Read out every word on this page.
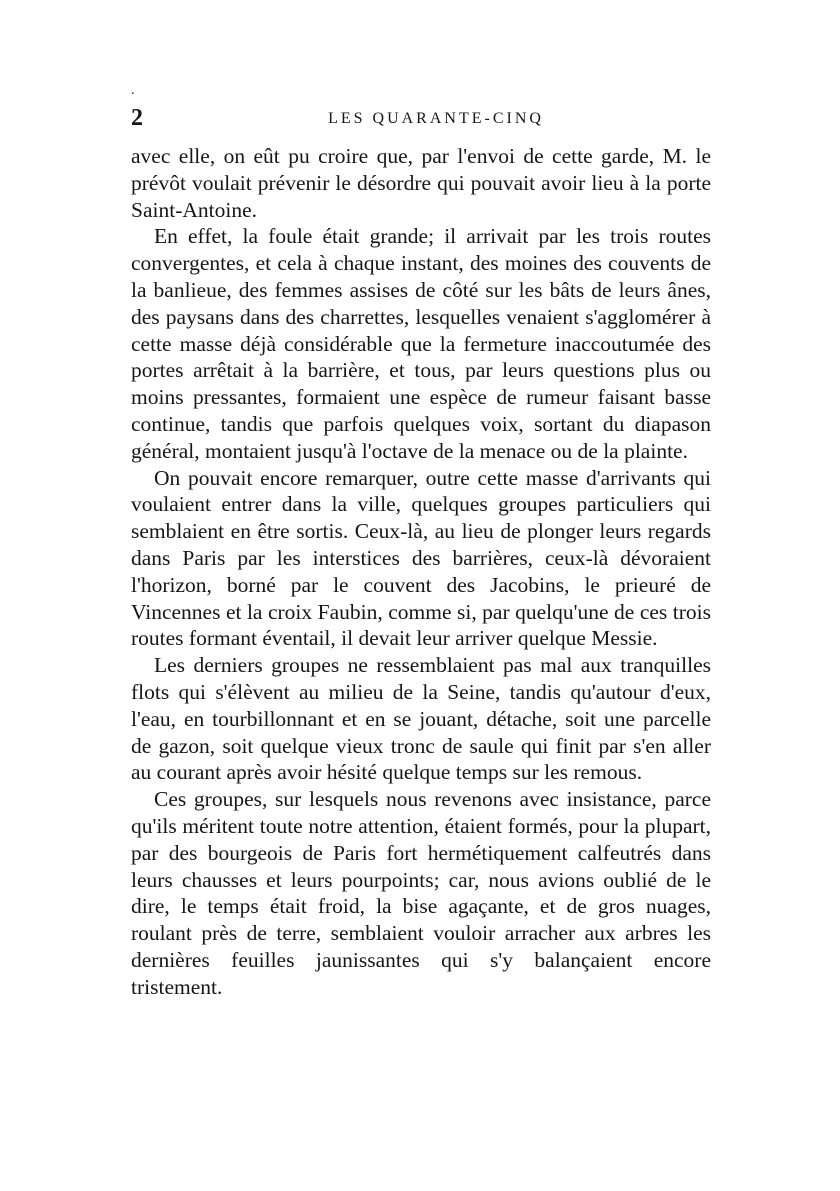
.
2	LES QUARANTE-CINQ

avec elle, on eût pu croire que, par l'envoi de cette garde, M. le prévôt voulait prévenir le désordre qui pouvait avoir lieu à la porte Saint-Antoine.

En effet, la foule était grande; il arrivait par les trois routes convergentes, et cela à chaque instant, des moines des couvents de la banlieue, des femmes assises de côté sur les bâts de leurs ânes, des paysans dans des charrettes, lesquelles venaient s'agglomérer à cette masse déjà considérable que la fermeture inaccoutumée des portes arrêtait à la barrière, et tous, par leurs questions plus ou moins pressantes, formaient une espèce de rumeur faisant basse continue, tandis que parfois quelques voix, sortant du diapason général, montaient jusqu'à l'octave de la menace ou de la plainte.

On pouvait encore remarquer, outre cette masse d'arrivants qui voulaient entrer dans la ville, quelques groupes particuliers qui semblaient en être sortis. Ceux-là, au lieu de plonger leurs regards dans Paris par les interstices des barrières, ceux-là dévoraient l'horizon, borné par le couvent des Jacobins, le prieuré de Vincennes et la croix Faubin, comme si, par quelqu'une de ces trois routes formant éventail, il devait leur arriver quelque Messie.

Les derniers groupes ne ressemblaient pas mal aux tranquilles flots qui s'élèvent au milieu de la Seine, tandis qu'autour d'eux, l'eau, en tourbillonnant et en se jouant, détache, soit une parcelle de gazon, soit quelque vieux tronc de saule qui finit par s'en aller au courant après avoir hésité quelque temps sur les remous.

Ces groupes, sur lesquels nous revenons avec insistance, parce qu'ils méritent toute notre attention, étaient formés, pour la plupart, par des bourgeois de Paris fort hermétiquement calfeutrés dans leurs chausses et leurs pourpoints; car, nous avions oublié de le dire, le temps était froid, la bise agaçante, et de gros nuages, roulant près de terre, semblaient vouloir arracher aux arbres les dernières feuilles jaunissantes qui s'y balançaient encore tristement.
